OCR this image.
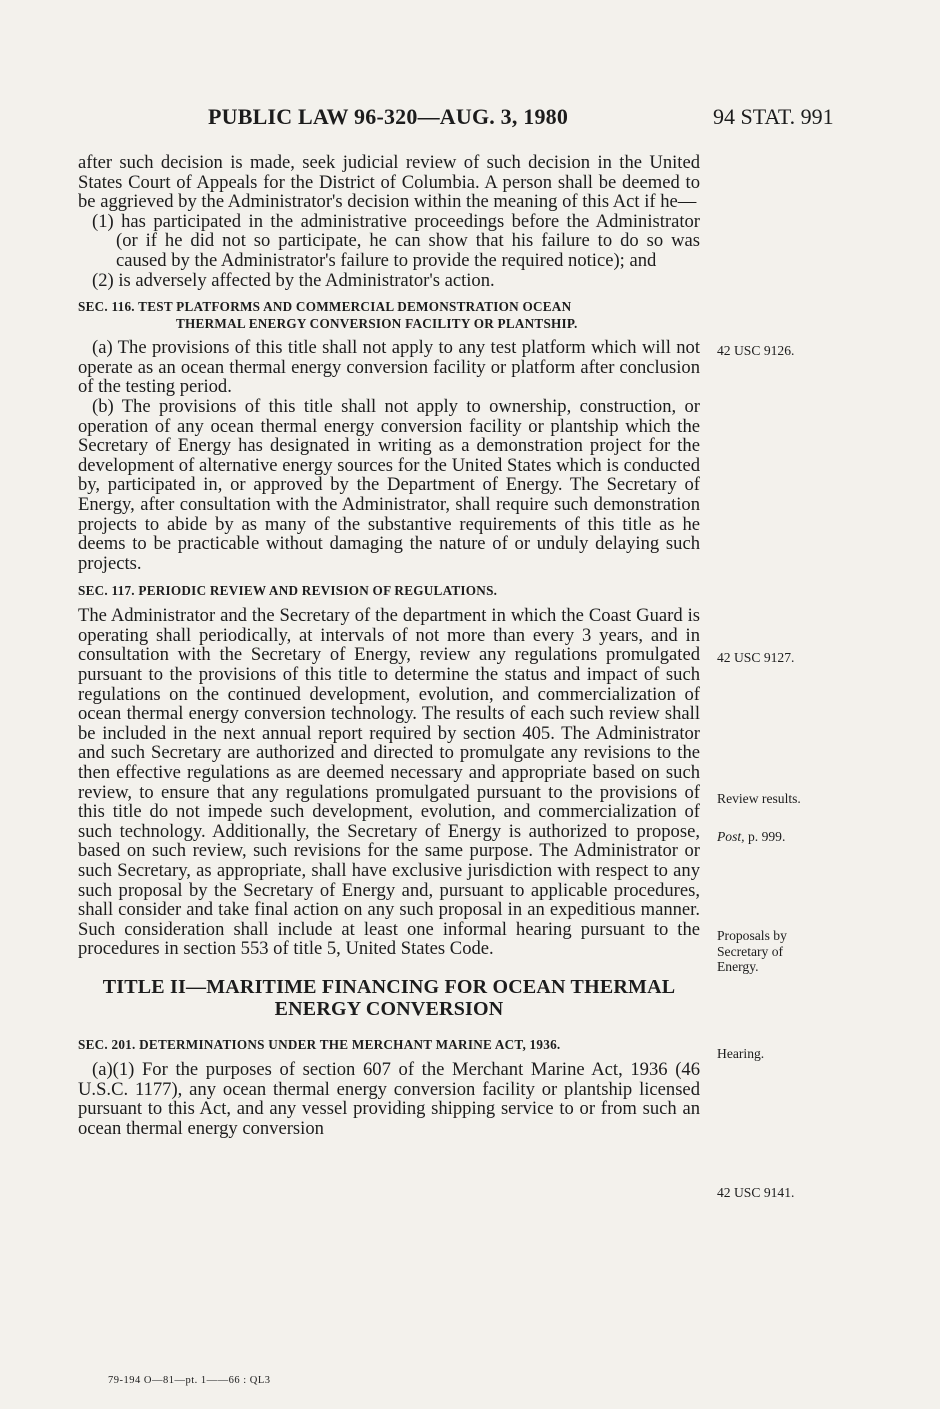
PUBLIC LAW 96-320—AUG. 3, 1980	94 STAT. 991

after such decision is made, seek judicial review of such decision in the United States Court of Appeals for the District of Columbia. A person shall be deemed to be aggrieved by the Administrator's decision within the meaning of this Act if he—

(1) has participated in the administrative proceedings before the Administrator (or if he did not so participate, he can show that his failure to do so was caused by the Administrator's failure to provide the required notice); and

(2) is adversely affected by the Administrator's action.

SEC. 116. TEST PLATFORMS AND COMMERCIAL DEMONSTRATION OCEAN
THERMAL ENERGY CONVERSION FACILITY OR PLANTSHIP.

(a) The provisions of this title shall not apply to any test platform which will not operate as an ocean thermal energy conversion facility or platform after conclusion of the testing period.

(b) The provisions of this title shall not apply to ownership, construction, or operation of any ocean thermal energy conversion facility or plantship which the Secretary of Energy has designated in writing as a demonstration project for the development of alternative energy sources for the United States which is conducted by, participated in, or approved by the Department of Energy. The Secretary of Energy, after consultation with the Administrator, shall require such demonstration projects to abide by as many of the substantive requirements of this title as he deems to be practicable without damaging the nature of or unduly delaying such projects.

SEC. 117. PERIODIC REVIEW AND REVISION OF REGULATIONS.

The Administrator and the Secretary of the department in which the Coast Guard is operating shall periodically, at intervals of not more than every 3 years, and in consultation with the Secretary of Energy, review any regulations promulgated pursuant to the provisions of this title to determine the status and impact of such regulations on the continued development, evolution, and commercialization of ocean thermal energy conversion technology. The results of each such review shall be included in the next annual report required by section 405. The Administrator and such Secretary are authorized and directed to promulgate any revisions to the then effective regulations as are deemed necessary and appropriate based on such review, to ensure that any regulations promulgated pursuant to the provisions of this title do not impede such development, evolution, and commercialization of such technology. Additionally, the Secretary of Energy is authorized to propose, based on such review, such revisions for the same purpose. The Administrator or such Secretary, as appropriate, shall have exclusive jurisdiction with respect to any such proposal by the Secretary of Energy and, pursuant to applicable procedures, shall consider and take final action on any such proposal in an expeditious manner. Such consideration shall include at least one informal hearing pursuant to the procedures in section 553 of title 5, United States Code.

TITLE II—MARITIME FINANCING FOR OCEAN THERMAL
ENERGY CONVERSION
SEC. 201. DETERMINATIONS UNDER THE MERCHANT MARINE ACT, 1936.

(a)(1) For the purposes of section 607 of the Merchant Marine Act, 1936 (46 U.S.C. 1177), any ocean thermal energy conversion facility or plantship licensed pursuant to this Act, and any vessel providing shipping service to or from such an ocean thermal energy conversion

42 USC 9126.
42 USC 9127.
Review results.
Post, p. 999.
Proposals by Secretary of Energy.
Hearing.
42 USC 9141.
79-194 O—81—pt. 1——66 : QL3
